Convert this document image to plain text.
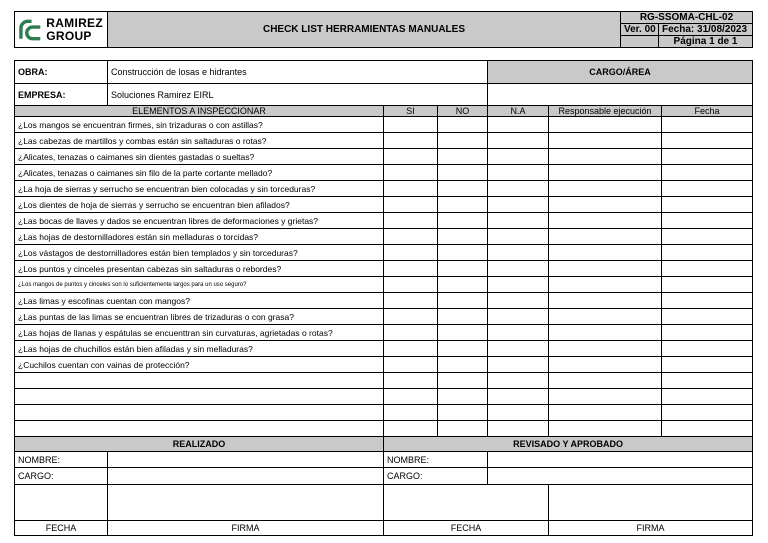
RAMIREZ
GROUP	CHECK LIST HERRAMIENTAS MANUALES	RG-SSOMA-CHL-02	
		Ver. 00	Fecha: 31/08/2023
			Página 1 de 1
OBRA:	Construcción de losas e hidrantes			CARGO/ÁREA		
EMPRESA:	Soluciones Ramirez EIRL					
ELEMENTOS A INSPECCIONAR		SI	NO	N.A	Responsable ejecución	Fecha
¿Los mangos se encuentran firmes, sin trizaduras o con astillas?						
¿Las cabezas de martillos y combas están sin saltaduras o rotas?						
¿Alicates, tenazas o caimanes sin dientes gastadas o sueltas?						
¿Alicates, tenazas o caimanes sin filo de la parte cortante mellado?						
¿La hoja de sierras y serrucho se encuentran bien colocadas y sin torceduras?						
¿Los dientes de hoja de sierras y serrucho se encuentran bien afilados?						
¿Las bocas de llaves y dados se encuentran libres de deformaciones y grietas?						
¿Las hojas de destornilladores están sin melladuras o torcidas?						
¿Los vástagos de destornilladores están bien templados y sin torceduras?						
¿Los puntos y cinceles presentan cabezas sin saltaduras o rebordes?						
¿Los mangos de puntos y cinceles son lo suficientemente largos para un uso seguro?						
¿Las limas y escofinas cuentan con mangos?						
¿Las puntas de las limas se encuentran libres de trizaduras o con grasa?						
¿Las hojas de llanas y espátulas se encuenttran sin curvaturas, agrietadas o rotas?						
¿Las hojas de chuchillos están bien afiladas y sin melladuras?						
¿Cuchilos cuentan con vainas de protección?						

REALIZADO		REVISADO Y APROBADO				
NOMBRE:		NOMBRE:				
CARGO:		CARGO:				

FECHA	FIRMA	FECHA			FIRMA	
